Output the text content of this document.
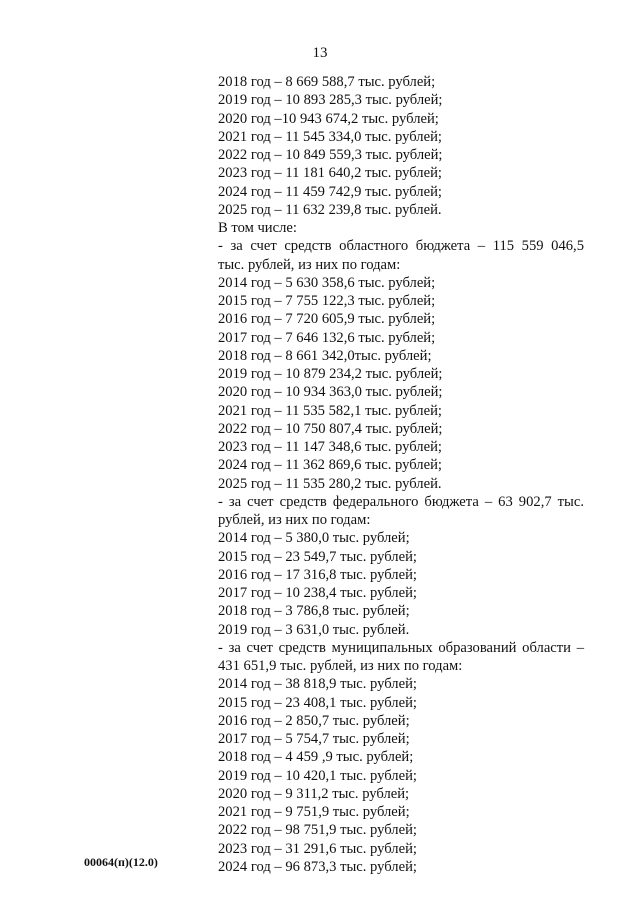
13
2018 год – 8 669 588,7 тыс. рублей;
2019 год – 10 893 285,3 тыс. рублей;
2020 год –10 943 674,2 тыс. рублей;
2021 год – 11 545 334,0 тыс. рублей;
2022 год – 10 849 559,3 тыс. рублей;
2023 год – 11 181 640,2 тыс. рублей;
2024 год – 11 459 742,9 тыс. рублей;
2025 год – 11 632 239,8 тыс. рублей.
В том числе:
- за счет средств областного бюджета – 115 559 046,5
тыс. рублей, из них по годам:
2014 год – 5 630 358,6 тыс. рублей;
2015 год – 7 755 122,3 тыс. рублей;
2016 год – 7 720 605,9 тыс. рублей;
2017 год – 7 646 132,6 тыс. рублей;
2018 год – 8 661 342,0тыс. рублей;
2019 год – 10 879 234,2 тыс. рублей;
2020 год – 10 934 363,0 тыс. рублей;
2021 год – 11 535 582,1 тыс. рублей;
2022 год – 10 750 807,4 тыс. рублей;
2023 год – 11 147 348,6 тыс. рублей;
2024 год – 11 362 869,6 тыс. рублей;
2025 год – 11 535 280,2 тыс. рублей.
- за счет средств федерального бюджета – 63 902,7 тыс.
рублей, из них по годам:
2014 год – 5 380,0 тыс. рублей;
2015 год – 23 549,7 тыс. рублей;
2016 год – 17 316,8 тыс. рублей;
2017 год – 10 238,4 тыс. рублей;
2018 год – 3 786,8 тыс. рублей;
2019 год – 3 631,0 тыс. рублей.
- за счет средств муниципальных образований области –
431 651,9 тыс. рублей, из них по годам:
2014 год – 38 818,9 тыс. рублей;
2015 год – 23 408,1 тыс. рублей;
2016 год – 2 850,7 тыс. рублей;
2017 год – 5 754,7 тыс. рублей;
2018 год – 4 459 ,9 тыс. рублей;
2019 год – 10 420,1 тыс. рублей;
2020 год – 9 311,2 тыс. рублей;
2021 год – 9 751,9 тыс. рублей;
2022 год – 98 751,9 тыс. рублей;
2023 год – 31 291,6 тыс. рублей;
2024 год – 96 873,3 тыс. рублей;
00064(п)(12.0)
